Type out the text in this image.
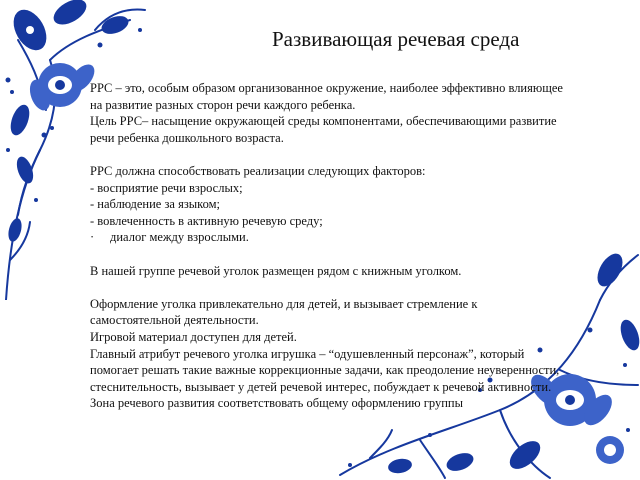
Развивающая речевая среда
РРС – это, особым образом организованное окружение, наиболее эффективно влияющее
на развитие разных сторон речи каждого ребенка.
Цель РРС– насыщение окружающей среды компонентами, обеспечивающими развитие
речи ребенка дошкольного возраста.
РРС должна способствовать реализации следующих факторов:
- восприятие речи взрослых;
- наблюдение за языком;
- вовлеченность в активную речевую среду;
· диалог между взрослыми.
В нашей группе речевой уголок размещен рядом с книжным уголком.
Оформление уголка привлекательно для детей, и вызывает стремление к
самостоятельной деятельности.
Игровой материал доступен для детей.
Главный атрибут речевого уголка игрушка – “одушевленный персонаж”, который
помогает решать такие важные коррекционные задачи, как преодоление неуверенности,
стеснительность, вызывает у детей речевой интерес, побуждает к речевой активности.
Зона речевого развития соответствовать общему оформлению группы
